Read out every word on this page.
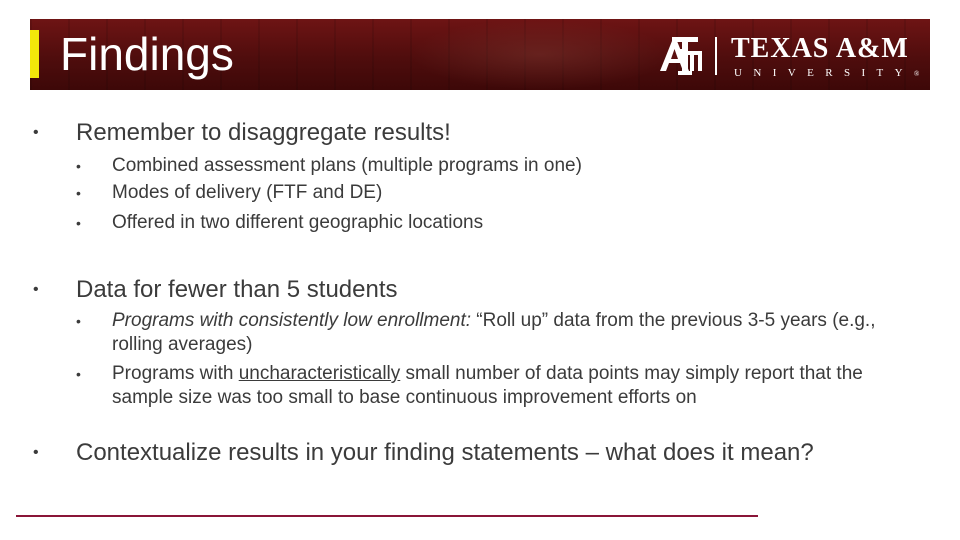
Findings	TEXAS A&M
UNIVERSITY®
• Remember to disaggregate results!
• Combined assessment plans (multiple programs in one)
• Modes of delivery (FTF and DE)
• Offered in two different geographic locations
• Data for fewer than 5 students
• Programs with consistently low enrollment: “Roll up” data from the previous 3-5 years (e.g., rolling averages)
• Programs with uncharacteristically small number of data points may simply report that the sample size was too small to base continuous improvement efforts on
• Contextualize results in your finding statements – what does it mean?
